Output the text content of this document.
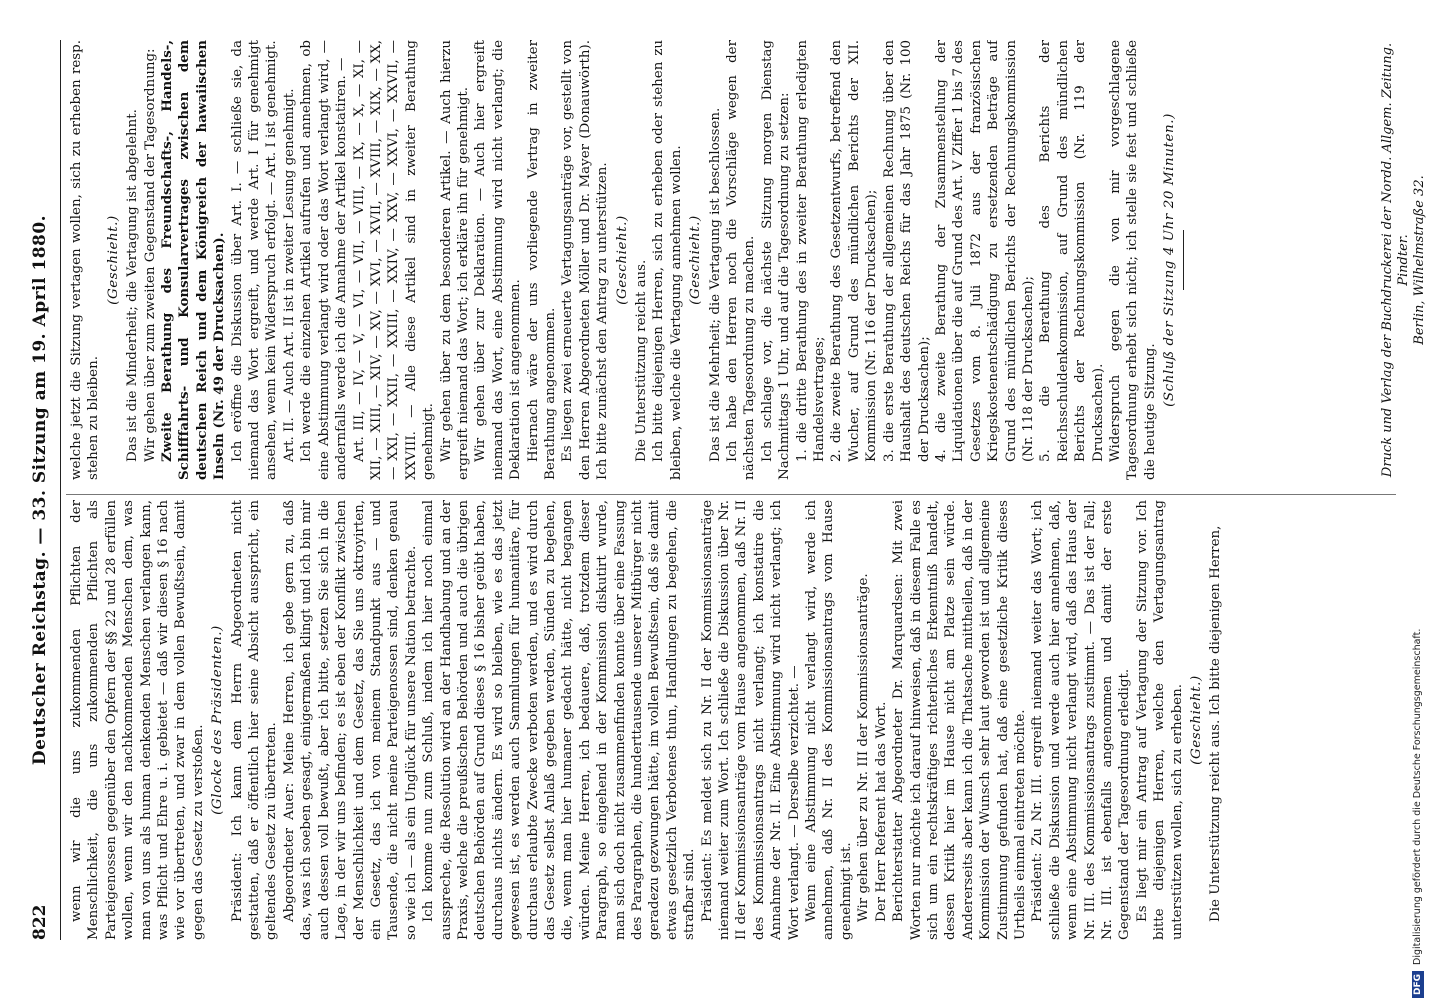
822
Deutscher Reichstag. — 33. Sitzung am 19. April 1880. wenn wir die uns zukommenden Pflichten der Menschlichkeit, die uns zukommenden Pflichten als Parteigenossen gegenüber den Opfern der §§ 22 und 28 erfüllen wollen, wenn wir den nachkommenden Menschen dem, was man von uns als human denkenden Menschen verlangen kann, was Pflicht und Ehre u. i. gebietet — daß wir diesen § 16 nach wie vor übertreten, und zwar in dem vollen Bewußtsein, damit gegen das Gesetz zu verstoßen.

(Glocke des Präsidenten.) Präsident: Ich kann dem Herrn Abgeordneten nicht gestatten, daß er öffentlich hier seine Absicht ausspricht, ein geltendes Gesetz zu übertreten. Abgeordneter Auer: Meine Herren, ich gebe gern zu, daß das, was ich soeben gesagt, einigermaßen klingt und ich bin mir auch dessen voll bewußt, aber ich bitte, setzen Sie sich in die Lage, in der wir uns befinden; es ist eben der Konflikt zwischen der Menschlichkeit und dem Gesetz, das Sie uns oktroyirten, ein Gesetz, das ich von meinem Standpunkt aus — und Tausende, die nicht meine Parteigenossen sind, denken genau so wie ich — als ein Unglück für unsere Nation betrachte. Ich komme nun zum Schluß, indem ich hier noch einmal ausspreche, die Resolution wird an der Handhabung und an der Praxis, welche die preußischen Behörden und auch die übrigen deutschen Behörden auf Grund dieses § 16 bisher geübt haben, durchaus nichts ändern. Es wird so bleiben, wie es das jetzt gewesen ist, es werden auch Sammlungen für humanitäre, für durchaus erlaubte Zwecke verboten werden, und es wird durch das Gesetz selbst Anlaß gegeben werden, Sünden zu begehen, die, wenn man hier humaner gedacht hätte, nicht begangen würden. Meine Herren, ich bedauere, daß, trotzdem dieser Paragraph, so eingehend in der Kommission diskutirt wurde, man sich doch nicht zusammenfinden konnte über eine Fassung des Paragraphen, die hunderttausende unserer Mitbürger nicht geradezu gezwungen hätte, im vollen Bewußtsein, daß sie damit etwas gesetzlich Verbotenes thun, Handlungen zu begehen, die strafbar sind. Präsident: Es meldet sich zu Nr. II der Kommissionsanträge niemand weiter zum Wort. Ich schließe die Diskussion über Nr. II der Kommissionsanträge vom Hause angenommen, daß Nr. II des Kommissionsantrags nicht verlangt; ich konstatire die Annahme der Nr. II. Eine Abstimmung wird nicht verlangt; ich Wort verlangt. — Derselbe verzichtet. — Wenn eine Abstimmung nicht verlangt wird, werde ich annehmen, daß Nr. II des Kommissionsantrags vom Hause genehmigt ist. Wir gehen über zu Nr. III der Kommissionsanträge. Der Herr Referent hat das Wort. Berichterstatter Abgeordneter Dr. Marquardsen: Mit zwei Worten nur möchte ich darauf hinweisen, daß in diesem Falle es sich um ein rechtskräftiges richterliches Erkenntniß handelt, dessen Kritik hier im Hause nicht am Platze sein würde. Andererseits aber kann ich die Thatsache mittheilen, daß in der Kommission der Wunsch sehr laut geworden ist und allgemeine Zustimmung gefunden hat, daß eine gesetzliche Kritik dieses Urtheils einmal eintreten möchte. Präsident: Zu Nr. III. ergreift niemand weiter das Wort; ich schließe die Diskussion und werde auch hier annehmen, daß, wenn eine Abstimmung nicht verlangt wird, daß das Haus der Nr. III. des Kommissionsantrags zustimmt. — Das ist der Fall; Nr. III. ist ebenfalls angenommen und damit der erste Gegenstand der Tagesordnung erledigt. Es liegt mir ein Antrag auf Vertagung der Sitzung vor. Ich bitte diejenigen Herren, welche den Vertagungsantrag unterstützen wollen, sich zu erheben. (Geschieht.) Die Unterstützung reicht aus. Ich bitte diejenigen Herren,

welche jetzt die Sitzung vertagen wollen, sich zu erheben resp. stehen zu bleiben.

(Geschieht.) Das ist die Minderheit; die Vertagung ist abgelehnt. Wir gehen über zum zweiten Gegenstand der Tagesordnung: Zweite Berathung des Freundschafts-, Handels-, Schifffahrts- und Konsularvertrages zwischen dem deutschen Reich und dem Königreich der hawaiischen Inseln (Nr. 49 der Drucksachen). Ich eröffne die Diskussion über Art. I. — schließe sie, da niemand das Wort ergreift, und werde Art. I für genehmigt ansehen, wenn kein Widerspruch erfolgt. — Art. I ist genehmigt. Art. II. — Auch Art. II ist in zweiter Lesung genehmigt. Ich werde die einzelnen Artikel aufrufen und annehmen, ob eine Abstimmung verlangt wird oder das Wort verlangt wird, — andernfalls werde ich die Annahme der Artikel konstatiren. — Art. III, — IV, — V, — VI, — VII, — VIII, — IX, — X, — XI, — XII, — XIII, — XIV, — XV, — XVI, — XVII, — XVIII, — XIX, — XX, — XXI, — XXII, — XXIII, — XXIV, — XXV, — XXVI, — XXVII, — XXVIII. — Alle diese Artikel sind in zweiter Berathung genehmigt. Wir gehen über zu dem besonderen Artikel. — Auch hierzu ergreift niemand das Wort; ich erkläre ihn für genehmigt. Wir gehen über zur Deklaration. — Auch hier ergreift niemand das Wort, eine Abstimmung wird nicht verlangt; die Deklaration ist angenommen. Hiernach wäre der uns vorliegende Vertrag in zweiter Berathung angenommen. Es liegen zwei erneuerte Vertagungsanträge vor, gestellt von den Herren Abgeordneten Möller und Dr. Mayer (Donauwörth). Ich bitte zunächst den Antrag zu unterstützen. (Geschieht.) Die Unterstützung reicht aus. Ich bitte diejenigen Herren, sich zu erheben oder stehen zu bleiben, welche die Vertagung annehmen wollen. (Geschieht.) Das ist die Mehrheit; die Vertagung ist beschlossen. Ich habe den Herren noch die Vorschläge wegen der nächsten Tagesordnung zu machen. Ich schlage vor, die nächste Sitzung morgen Dienstag Nachmittags 1 Uhr, und auf die Tagesordnung zu setzen: 1. die dritte Berathung des in zweiter Berathung erledigten Handelsvertrages; 2. die zweite Berathung des Gesetzentwurfs, betreffend den Wucher, auf Grund des mündlichen Berichts der XII. Kommission (Nr. 116 der Drucksachen); 3. die erste Berathung der allgemeinen Rechnung über den Haushalt des deutschen Reichs für das Jahr 1875 (Nr. 100 der Drucksachen); 4. die zweite Berathung der Zusammenstellung der Liquidationen über die auf Grund des Art. V Ziffer 1 bis 7 des Gesetzes vom 8. Juli 1872 aus der französischen Kriegskostenentschädigung zu ersetzenden Beträge auf Grund des mündlichen Berichts der Rechnungskommission (Nr. 118 der Drucksachen); 5. die Berathung des Berichts der Reichsschuldenkommission, auf Grund des mündlichen Berichts der Rechnungskommission (Nr. 119 der Drucksachen). Widerspruch gegen die von mir vorgeschlagene Tagesordnung erhebt sich nicht; ich stelle sie fest und schließe die heutige Sitzung.

(Schluß der Sitzung 4 Uhr 20 Minuten.)	Druck und Verlag der Buchdruckerei der Nordd. Allgem. Zeitung. Pindter. Berlin, Wilhelmstraße 32.
DFGDigitalisierung gefördert durch die Deutsche Forschungsgemeinschaft.
